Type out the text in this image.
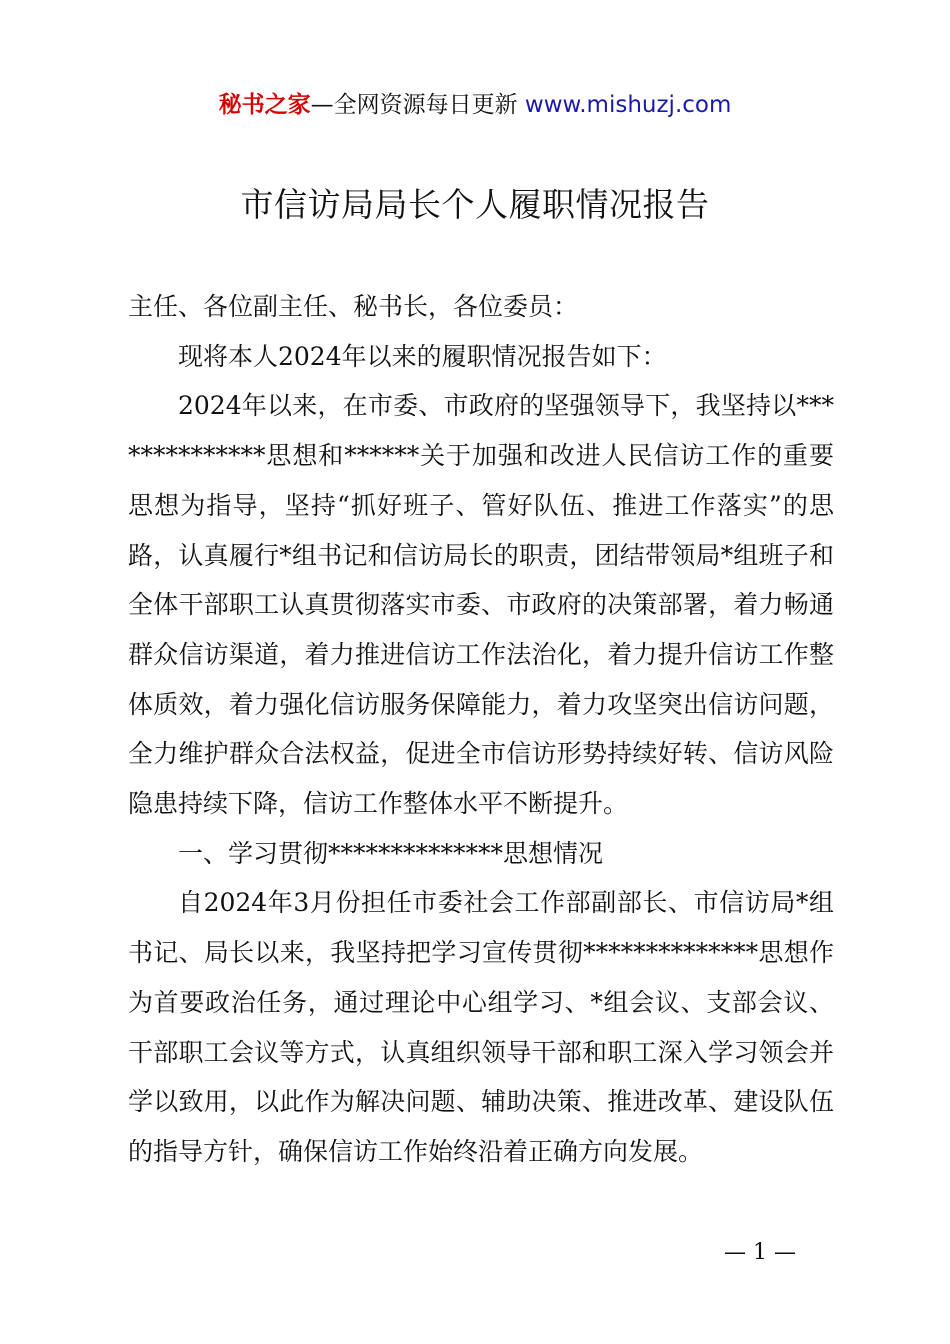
秘书之家—全网资源每日更新 www.mishuzj.com
市信访局局长个人履职情况报告

主任、各位副主任、秘书长，各位委员：

现将本人2024年以来的履职情况报告如下：

2024年以来，在市委、市政府的坚强领导下，我坚持以**************思想和******关于加强和改进人民信访工作的重要思想为指导，坚持“抓好班子、管好队伍、推进工作落实”的思路，认真履行*组书记和信访局长的职责，团结带领局*组班子和全体干部职工认真贯彻落实市委、市政府的决策部署，着力畅通群众信访渠道，着力推进信访工作法治化，着力提升信访工作整体质效，着力强化信访服务保障能力，着力攻坚突出信访问题，全力维护群众合法权益，促进全市信访形势持续好转、信访风险隐患持续下降，信访工作整体水平不断提升。

一、学习贯彻**************思想情况

自2024年3月份担任市委社会工作部副部长、市信访局*组书记、局长以来，我坚持把学习宣传贯彻**************思想作为首要政治任务，通过理论中心组学习、*组会议、支部会议、干部职工会议等方式，认真组织领导干部和职工深入学习领会并学以致用，以此作为解决问题、辅助决策、推进改革、建设队伍的指导方针，确保信访工作始终沿着正确方向发展。

— 1 —
